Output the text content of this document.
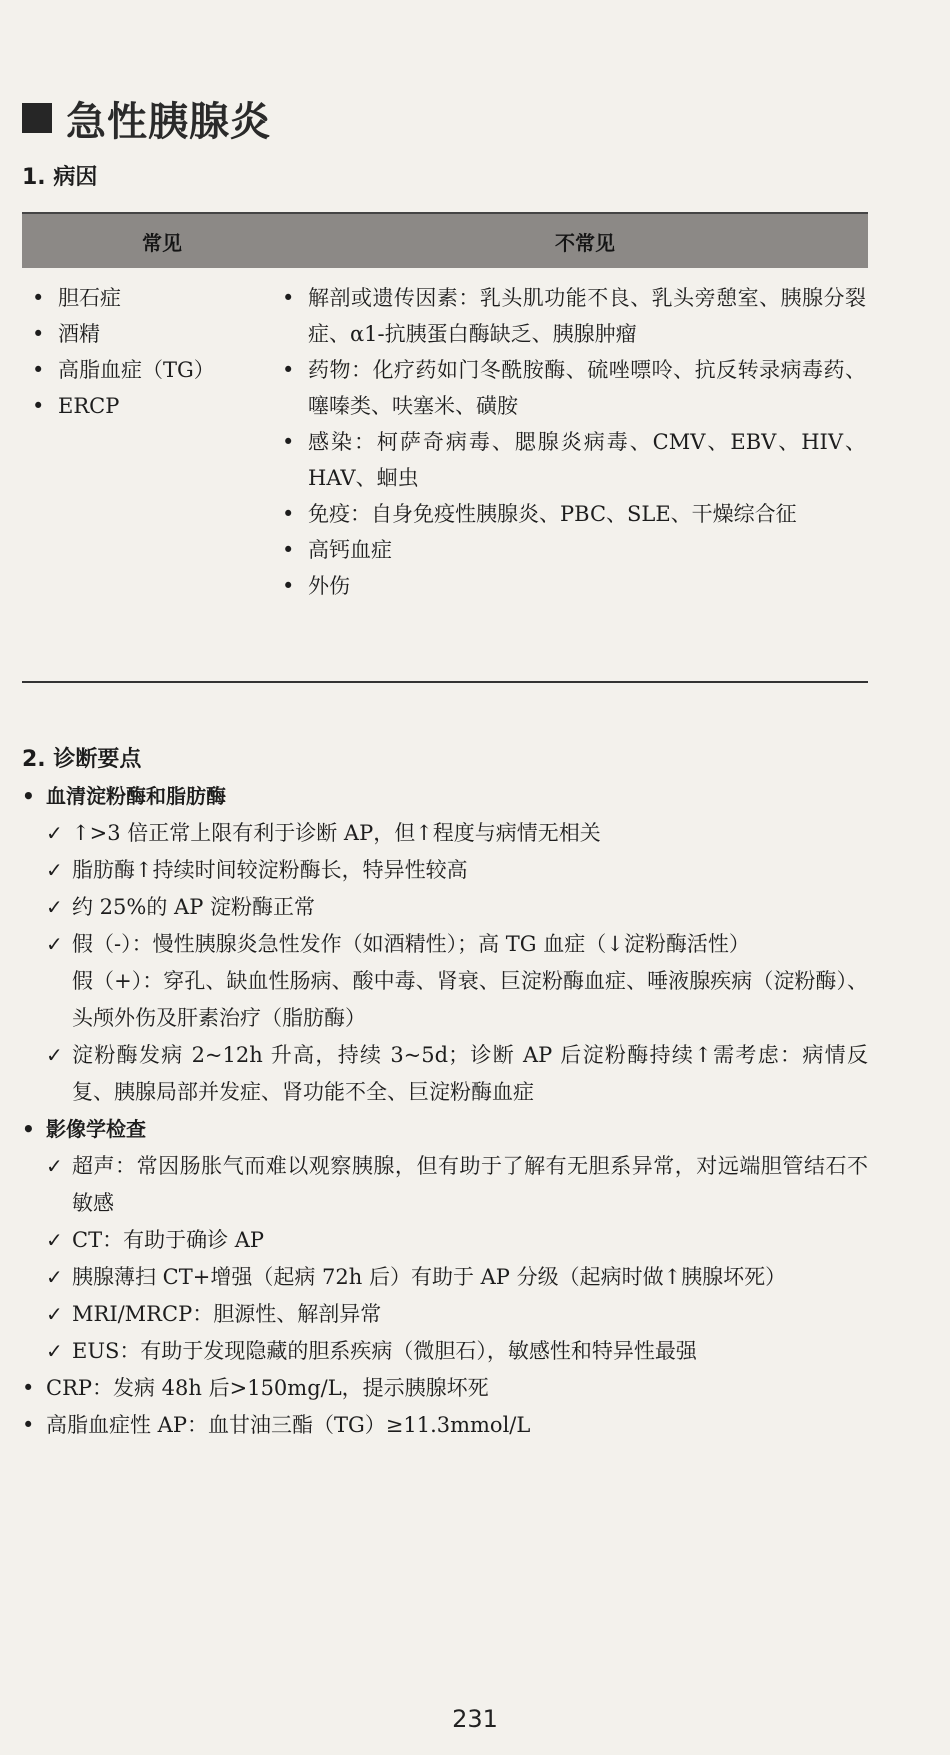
急性胰腺炎
1. 病因
常见	不常见
• 胆石症
• 酒精
• 高脂血症（TG）
• ERCP
• 解剖或遗传因素：乳头肌功能不良、乳头旁憩室、胰腺分裂症、α1-抗胰蛋白酶缺乏、胰腺肿瘤
• 药物：化疗药如门冬酰胺酶、硫唑嘌呤、抗反转录病毒药、噻嗪类、呋塞米、磺胺
• 感染：柯萨奇病毒、腮腺炎病毒、CMV、EBV、HIV、HAV、蛔虫
• 免疫：自身免疫性胰腺炎、PBC、SLE、干燥综合征
• 高钙血症
• 外伤
2. 诊断要点
• 血清淀粉酶和脂肪酶
✓ ↑>3 倍正常上限有利于诊断 AP，但↑程度与病情无相关
✓ 脂肪酶↑持续时间较淀粉酶长，特异性较高
✓ 约 25%的 AP 淀粉酶正常
✓ 假（-）：慢性胰腺炎急性发作（如酒精性）；高 TG 血症（↓淀粉酶活性）
假（+）：穿孔、缺血性肠病、酸中毒、肾衰、巨淀粉酶血症、唾液腺疾病（淀粉酶）、头颅外伤及肝素治疗（脂肪酶）
✓ 淀粉酶发病 2~12h 升高，持续 3~5d；诊断 AP 后淀粉酶持续↑需考虑：病情反复、胰腺局部并发症、肾功能不全、巨淀粉酶血症
• 影像学检查
✓ 超声：常因肠胀气而难以观察胰腺，但有助于了解有无胆系异常，对远端胆管结石不敏感
✓ CT：有助于确诊 AP
✓ 胰腺薄扫 CT+增强（起病 72h 后）有助于 AP 分级（起病时做↑胰腺坏死）
✓ MRI/MRCP：胆源性、解剖异常
✓ EUS：有助于发现隐藏的胆系疾病（微胆石），敏感性和特异性最强
• CRP：发病 48h 后>150mg/L，提示胰腺坏死
• 高脂血症性 AP：血甘油三酯（TG）≥11.3mmol/L
231
